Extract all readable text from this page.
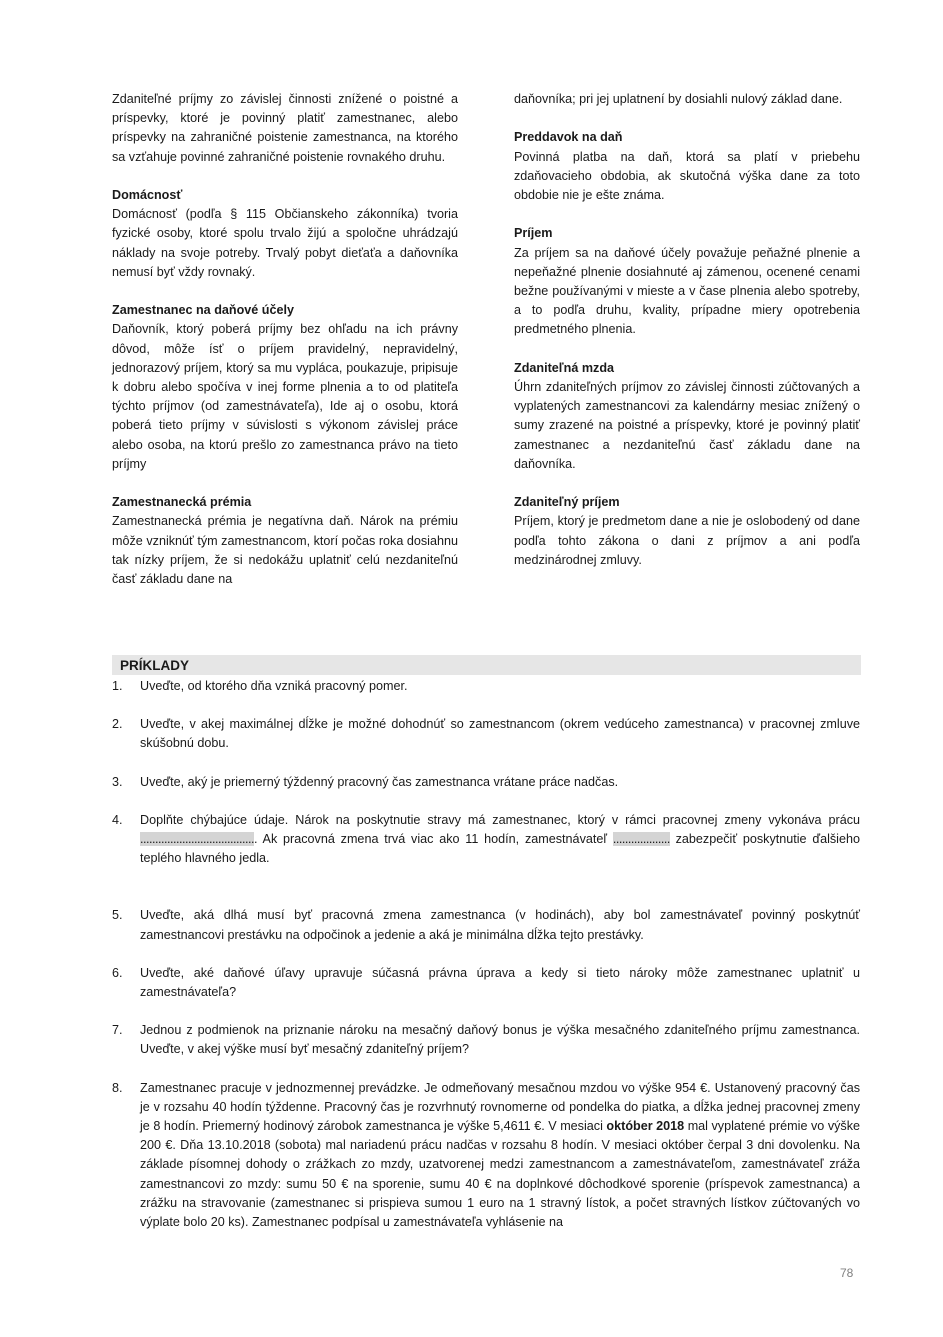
Zdaniteľné príjmy zo závislej činnosti znížené o poistné a príspevky, ktoré je povinný platiť zamestnanec, alebo príspevky na zahraničné poistenie zamestnanca, na ktorého sa vzťahuje povinné zahraničné poistenie rovnakého druhu.

Domácnosť

Domácnosť (podľa § 115 Občianskeho zákonníka) tvoria fyzické osoby, ktoré spolu trvalo žijú a spoločne uhrádzajú náklady na svoje potreby. Trvalý pobyt dieťaťa a daňovníka nemusí byť vždy rovnaký.

Zamestnanec na daňové účely

Daňovník, ktorý poberá príjmy bez ohľadu na ich právny dôvod, môže ísť o príjem pravidelný, nepravidelný, jednorazový príjem, ktorý sa mu vypláca, poukazuje, pripisuje k dobru alebo spočíva v inej forme plnenia a to od platiteľa týchto príjmov (od zamestnávateľa), Ide aj o osobu, ktorá poberá tieto príjmy v súvislosti s výkonom závislej práce alebo osoba, na ktorú prešlo zo zamestnanca právo na tieto príjmy

Zamestnanecká prémia

Zamestnanecká prémia je negatívna daň. Nárok na prémiu môže vzniknúť tým zamestnancom, ktorí počas roka dosiahnu tak nízky príjem, že si nedokážu uplatniť celú nezdaniteľnú časť základu dane na

daňovníka; pri jej uplatnení by dosiahli nulový základ dane.

Preddavok na daň

Povinná platba na daň, ktorá sa platí v priebehu zdaňovacieho obdobia, ak skutočná výška dane za toto obdobie nie je ešte známa.

Príjem

Za príjem sa na daňové účely považuje peňažné plnenie a nepeňažné plnenie dosiahnuté aj zámenou, ocenené cenami bežne používanými v mieste a v čase plnenia alebo spotreby, a to podľa druhu, kvality, prípadne miery opotrebenia predmetného plnenia.

Zdaniteľná mzda

Úhrn zdaniteľných príjmov zo závislej činnosti zúčtovaných a vyplatených zamestnancovi za kalendárny mesiac znížený o sumy zrazené na poistné a príspevky, ktoré je povinný platiť zamestnanec a nezdaniteľnú časť základu dane na daňovníka.

Zdaniteľný príjem

Príjem, ktorý je predmetom dane a nie je oslobodený od dane podľa tohto zákona o dani z príjmov a ani podľa medzinárodnej zmluvy.

PRÍKLADY
1. Uveďte, od ktorého dňa vzniká pracovný pomer.

2. Uveďte, v akej maximálnej dĺžke je možné dohodnúť so zamestnancom (okrem vedúceho zamestnanca) v pracovnej zmluve skúšobnú dobu.

3. Uveďte, aký je priemerný týždenný pracovný čas zamestnanca vrátane práce nadčas.

4. Doplňte chýbajúce údaje. Nárok na poskytnutie stravy má zamestnanec, ktorý v rámci pracovnej zmeny vykonáva prácu ....................................... Ak pracovná zmena trvá viac ako 11 hodín, zamestnávateľ ................... zabezpečiť poskytnutie ďalšieho teplého hlavného jedla.

5. Uveďte, aká dlhá musí byť pracovná zmena zamestnanca (v hodinách), aby bol zamestnávateľ povinný poskytnúť zamestnancovi prestávku na odpočinok a jedenie a aká je minimálna dĺžka tejto prestávky.

6. Uveďte, aké daňové úľavy upravuje súčasná právna úprava a kedy si tieto nároky môže zamestnanec uplatniť u zamestnávateľa?

7. Jednou z podmienok na priznanie nároku na mesačný daňový bonus je výška mesačného zdaniteľného príjmu zamestnanca. Uveďte, v akej výške musí byť mesačný zdaniteľný príjem?

8. Zamestnanec pracuje v jednozmennej prevádzke. Je odmeňovaný mesačnou mzdou vo výške 954 €. Ustanovený pracovný čas je v rozsahu 40 hodín týždenne. Pracovný čas je rozvrhnutý rovnomerne od pondelka do piatka, a dĺžka jednej pracovnej zmeny je 8 hodín. Priemerný hodinový zárobok zamestnanca je výške 5,4611 €. V mesiaci október 2018 mal vyplatené prémie vo výške 200 €. Dňa 13.10.2018 (sobota) mal nariadenú prácu nadčas v rozsahu 8 hodín. V mesiaci október čerpal 3 dni dovolenku. Na základe písomnej dohody o zrážkach zo mzdy, uzatvorenej medzi zamestnancom a zamestnávateľom, zamestnávateľ zráža zamestnancovi zo mzdy: sumu 50 € na sporenie, sumu 40 € na doplnkové dôchodkové sporenie (príspevok zamestnanca) a zrážku na stravovanie (zamestnanec si prispieva sumou 1 euro na 1 stravný lístok, a počet stravných lístkov zúčtovaných vo výplate bolo 20 ks). Zamestnanec podpísal u zamestnávateľa vyhlásenie na

78
